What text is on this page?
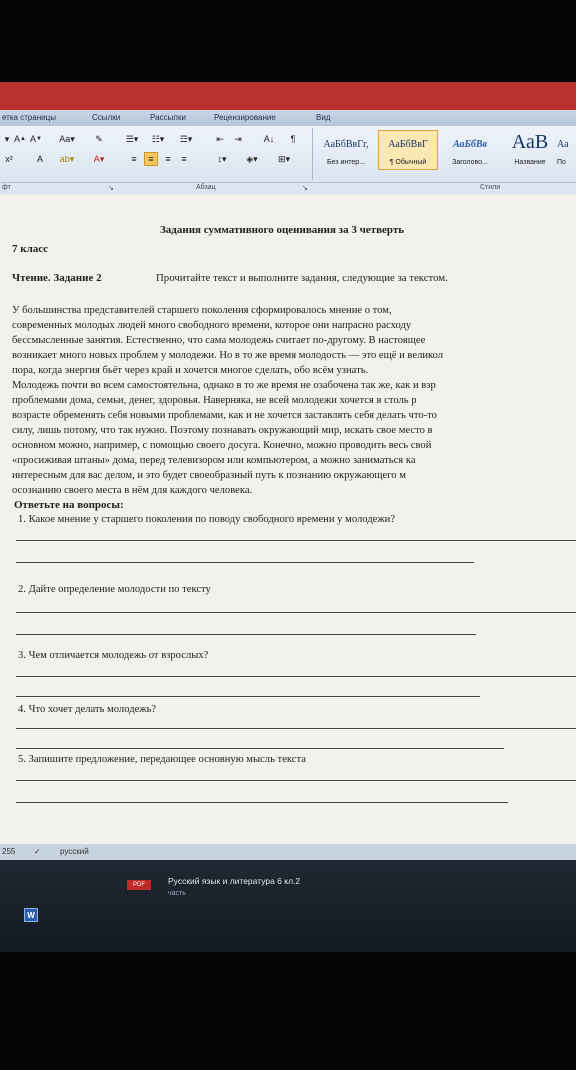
етка страницы	Ссылки	Рассылки	Рецензирование	Вид
▾ A ▲ A ▼ Aa▾	✎
x²	A	ab▾	A▾
☰▾ ☷▾ ☲▾	⇤ ⇥ A↓ ¶
≡	≡	≡	≡	↕▾	◈▾ ⊞▾
АаБбВвГг,
Без интер...
АаБбВвГ
¶ Обычный
АаБбВв
Заголово...
АаВ
Название
Аа
По
фт	↘	Абзац	↘	Стили
Задания суммативного оценивания за 3 четверть
7 класс
Чтение. Задание 2	Прочитайте текст и выполните задания, следующие за текстом.
У большинства представителей старшего поколения сформировалось мнение о том,
современных молодых людей много свободного времени, которое они напрасно расходу
бессмысленные занятия. Естественно, что сама молодежь считает по-другому. В настоящее
возникает много новых проблем у молодежи. Но в то же время молодость — это ещё и великол
пора, когда энергия бьёт через край и хочется многое сделать, обо всём узнать.
Молодежь почти во всем самостоятельна, однако в то же время не озабочена так же, как и взр
проблемами дома, семьи, денег, здоровья. Наверняка, не всей молодежи хочется в столь р
возрасте обременять себя новыми проблемами, как и не хочется заставлять себя делать что-то
силу, лишь потому, что так нужно. Поэтому познавать окружающий мир, искать свое место в
основном можно, например, с помощью своего досуга. Конечно, можно проводить весь свой
«просиживая штаны» дома, перед телевизором или компьютером, а можно заниматься ка
интересным для вас делом, и это будет своеобразный путь к познанию окружающего м
осознанию своего места в нём для каждого человека.
Ответьте на вопросы:
1. Какое мнение у старшего поколения по поводу свободного времени у молодежи?
2. Дайте определение молодости по тексту
3. Чем отличается молодежь от взрослых?
4. Что хочет делать молодежь?
5. Запишите предложение, передающее основную мысль текста
255 ✓ русский
PDF	Русский язык и литература 6 кл.2
часть
W
